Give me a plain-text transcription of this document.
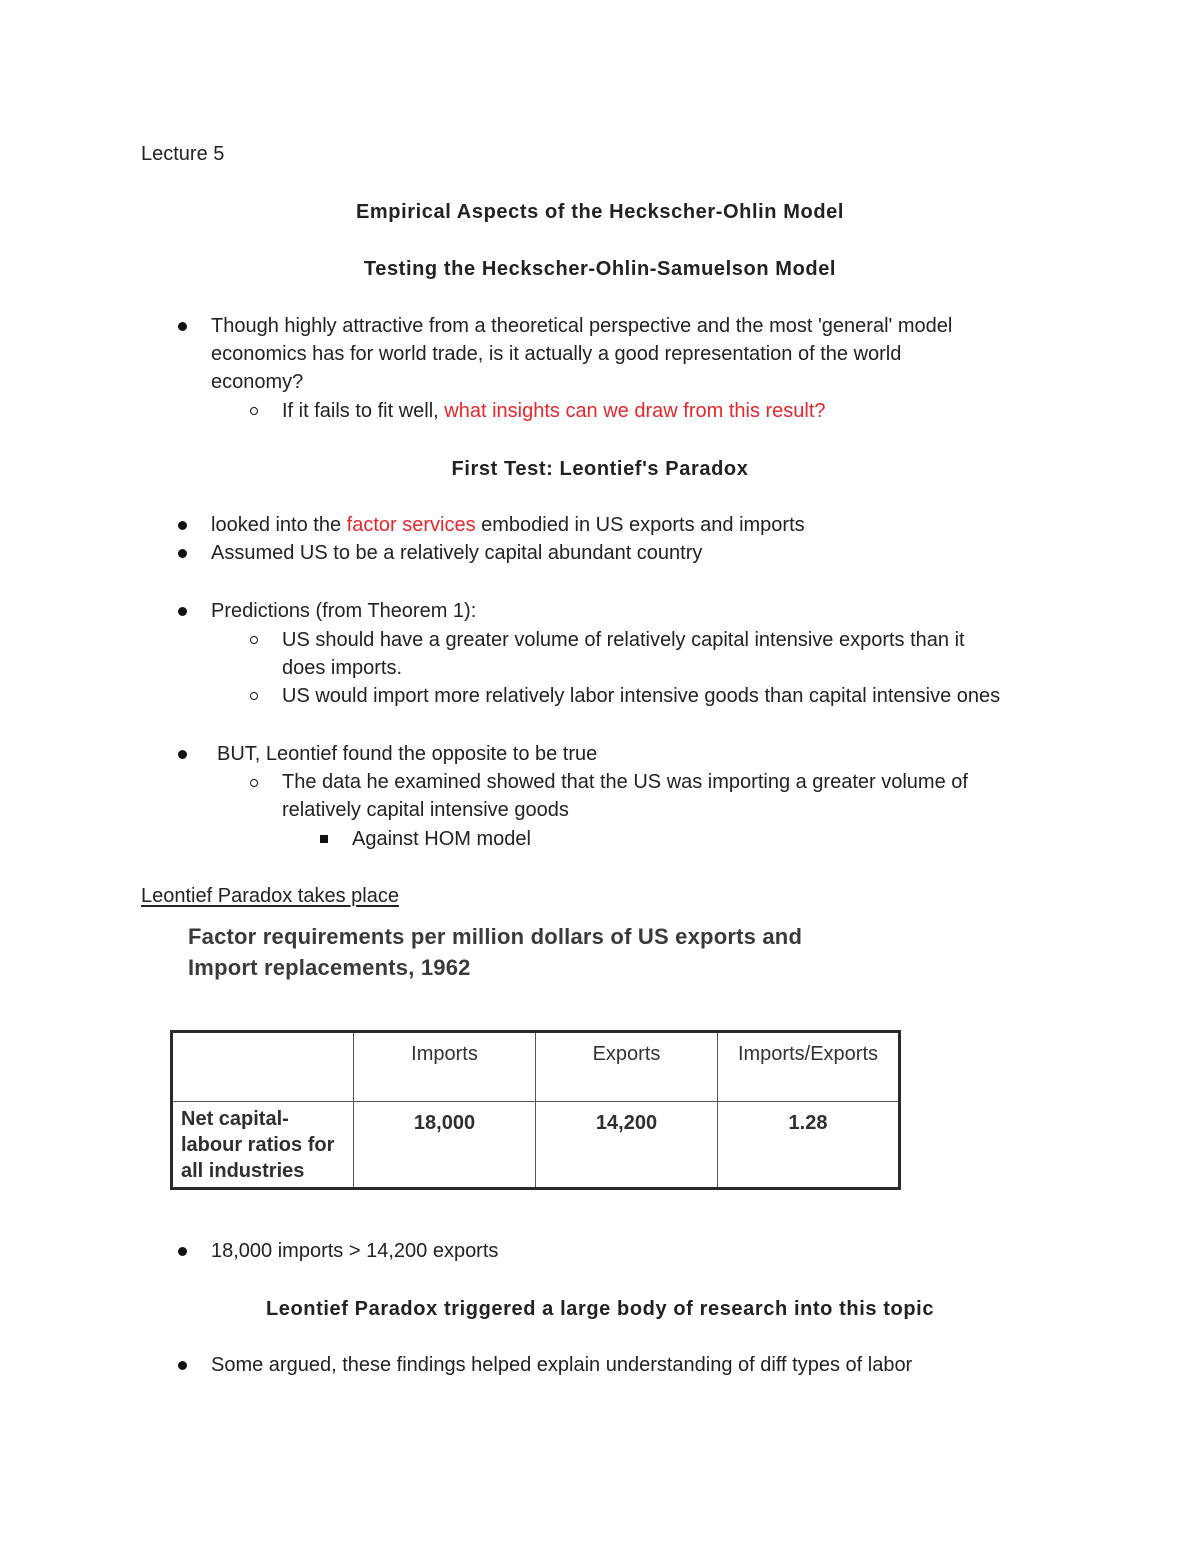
Lecture 5
Empirical Aspects of the Heckscher-Ohlin Model
Testing the Heckscher-Ohlin-Samuelson Model
Though highly attractive from a theoretical perspective and the most 'general' model
economics has for world trade, is it actually a good representation of the world
economy?
If it fails to fit well, what insights can we draw from this result?
First Test: Leontief's Paradox
looked into the factor services embodied in US exports and imports
Assumed US to be a relatively capital abundant country
Predictions (from Theorem 1):
US should have a greater volume of relatively capital intensive exports than it
does imports.
US would import more relatively labor intensive goods than capital intensive ones
BUT, Leontief found the opposite to be true
The data he examined showed that the US was importing a greater volume of
relatively capital intensive goods
Against HOM model
Leontief Paradox takes place
Factor requirements per million dollars of US exports and
Import replacements, 1962
	Imports	Exports	Imports/Exports

Net capital-
labour ratios for
all industries	18,000	14,200	1.28
18,000 imports > 14,200 exports
Leontief Paradox triggered a large body of research into this topic
Some argued, these findings helped explain understanding of diff types of labor
